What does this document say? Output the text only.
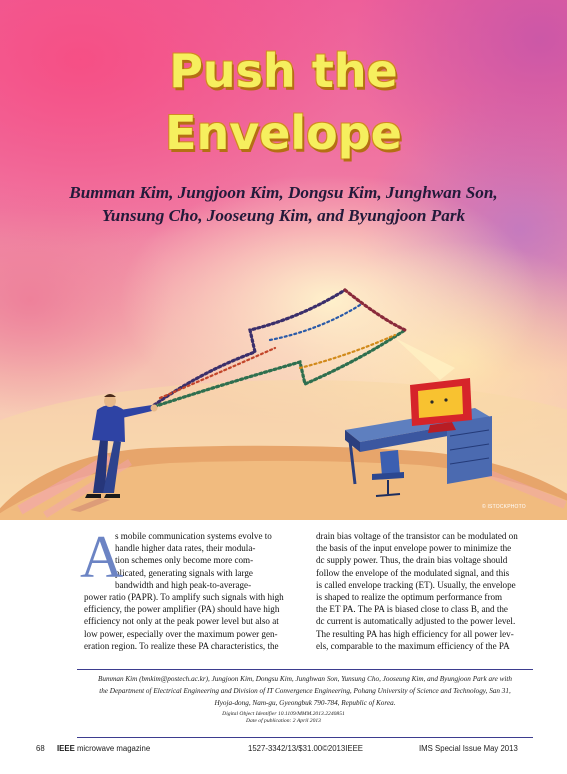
Push the
Envelope
Bumman Kim, Jungjoon Kim, Dongsu Kim, Junghwan Son,
Yunsung Cho, Jooseung Kim, and Byungjoon Park
© ISTOCKPHOTO
A
s mobile communication systems evolve to
handle higher data rates, their modula-
tion schemes only become more com-
plicated, generating signals with large
bandwidth and high peak-to-average-
power ratio (PAPR). To amplify such signals with high
efficiency, the power amplifier (PA) should have high
efficiency not only at the peak power level but also at
low power, especially over the maximum power gen-
eration region. To realize these PA characteristics, the
drain bias voltage of the transistor can be modulated on
the basis of the input envelope power to minimize the
dc supply power. Thus, the drain bias voltage should
follow the envelope of the modulated signal, and this
is called envelope tracking (ET). Usually, the envelope
is shaped to realize the optimum performance from
the ET PA. The PA is biased close to class B, and the
dc current is automatically adjusted to the power level.
The resulting PA has high efficiency for all power lev-
els, comparable to the maximum efficiency of the PA
Bumman Kim (bmkim@postech.ac.kr), Jungjoon Kim, Dongsu Kim, Junghwan Son, Yunsung Cho, Jooseung Kim, and Byungjoon Park are with
the Department of Electrical Engineering and Division of IT Convergence Engineering, Pohang University of Science and Technology, San 31,
Hyoja-dong, Nam-gu, Gyeongbuk 790-784, Republic of Korea.
Digital Object Identifier 10.1109/MMM.2013.2240851
Date of publication: 2 April 2013
68 IEEE microwave magazine	1527-3342/13/$31.00©2013IEEE	IMS Special Issue May 2013
